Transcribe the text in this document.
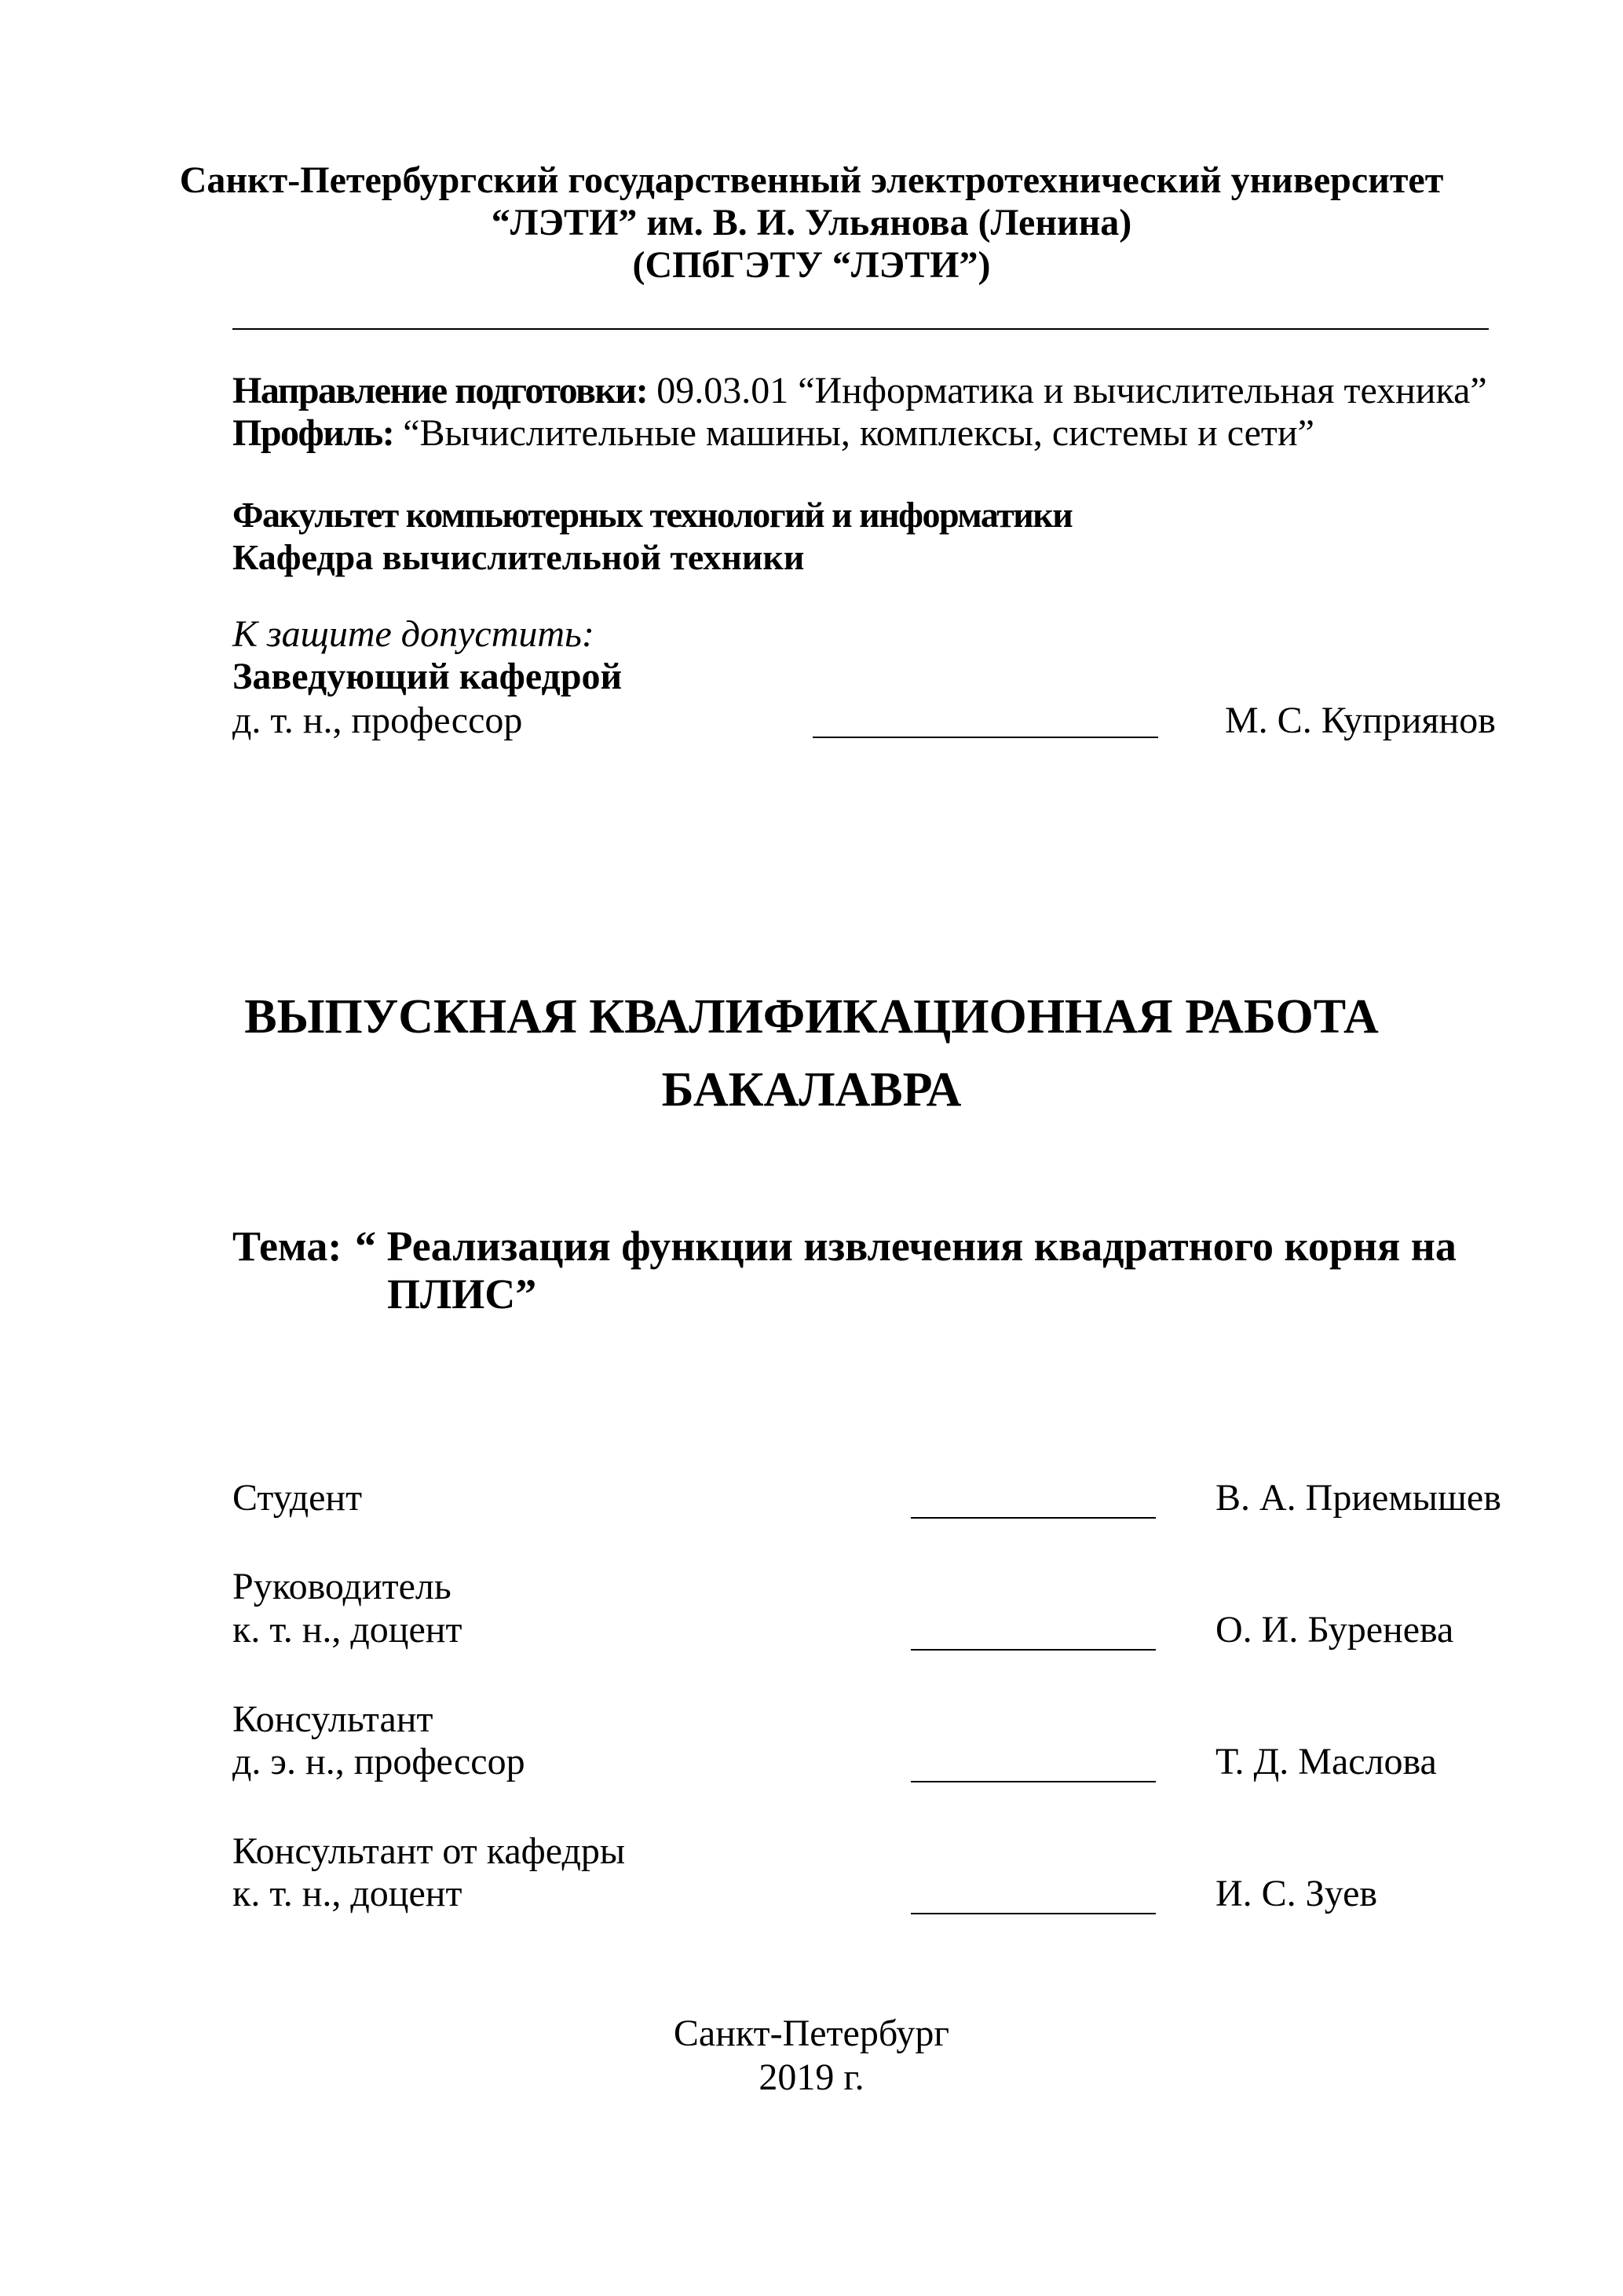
Санкт-Петербургский государственный электротехнический университет
“ЛЭТИ” им. В. И. Ульянова (Ленина)
(СПбГЭТУ “ЛЭТИ”)
Направление подготовки: 09.03.01 “Информатика и вычислительная техника”
Профиль: “Вычислительные машины, комплексы, системы и сети”
Факультет компьютерных технологий и информатики
Кафедра вычислительной техники
К защите допустить:
Заведующий кафедрой
д. т. н., профессор	М. С. Куприянов
ВЫПУСКНАЯ КВАЛИФИКАЦИОННАЯ РАБОТА
БАКАЛАВРА
Тема: “ Реализация функции извлечения квадратного корня на
ПЛИС”
Студент	В. А. Приемышев
Руководитель
к. т. н., доцент	О. И. Буренева
Консультант
д. э. н., профессор	Т. Д. Маслова
Консультант от кафедры
к. т. н., доцент	И. С. Зуев
Санкт-Петербург
2019 г.
